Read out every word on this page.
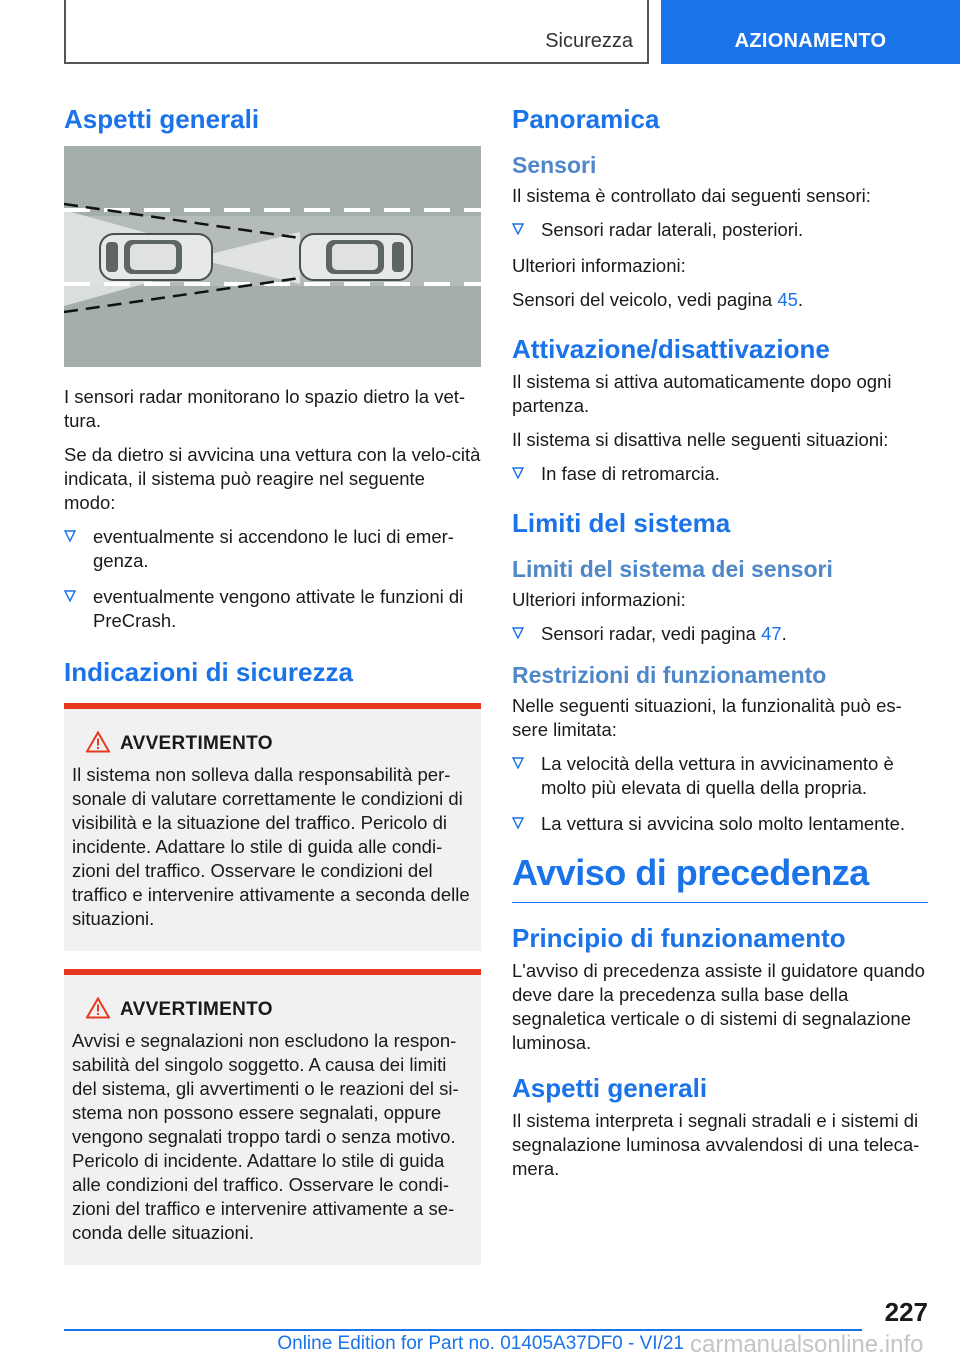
Sicurezza	AZIONAMENTO
Aspetti generali
I sensori radar monitorano lo spazio dietro la vet-tura.
Se da dietro si avvicina una vettura con la velo-cità indicata, il sistema può reagire nel seguente modo:
eventualmente si accendono le luci di emer-genza.
eventualmente vengono attivate le funzioni di PreCrash.
Indicazioni di sicurezza
AVVERTIMENTO
Il sistema non solleva dalla responsabilità per-sonale di valutare correttamente le condizioni di visibilità e la situazione del traffico. Pericolo di incidente. Adattare lo stile di guida alle condi-zioni del traffico. Osservare le condizioni del traffico e intervenire attivamente a seconda delle situazioni.
AVVERTIMENTO
Avvisi e segnalazioni non escludono la respon-sabilità del singolo soggetto. A causa dei limiti del sistema, gli avvertimenti o le reazioni del si-stema non possono essere segnalati, oppure vengono segnalati troppo tardi o senza motivo. Pericolo di incidente. Adattare lo stile di guida alle condizioni del traffico. Osservare le condi-zioni del traffico e intervenire attivamente a se-conda delle situazioni.
Panoramica
Sensori
Il sistema è controllato dai seguenti sensori:
Sensori radar laterali, posteriori.
Ulteriori informazioni:
Sensori del veicolo, vedi pagina 45.
Attivazione/disattivazione
Il sistema si attiva automaticamente dopo ogni partenza.
Il sistema si disattiva nelle seguenti situazioni:
In fase di retromarcia.
Limiti del sistema
Limiti del sistema dei sensori
Ulteriori informazioni:
Sensori radar, vedi pagina 47.
Restrizioni di funzionamento
Nelle seguenti situazioni, la funzionalità può es-sere limitata:
La velocità della vettura in avvicinamento è molto più elevata di quella della propria.
La vettura si avvicina solo molto lentamente.
Avviso di precedenza
Principio di funzionamento
L'avviso di precedenza assiste il guidatore quando deve dare la precedenza sulla base della segnaletica verticale o di sistemi di segnalazione luminosa.
Aspetti generali
Il sistema interpreta i segnali stradali e i sistemi di segnalazione luminosa avvalendosi di una teleca-mera.
227
Online Edition for Part no. 01405A37DF0 - VI/21 carmanualsonline.info
